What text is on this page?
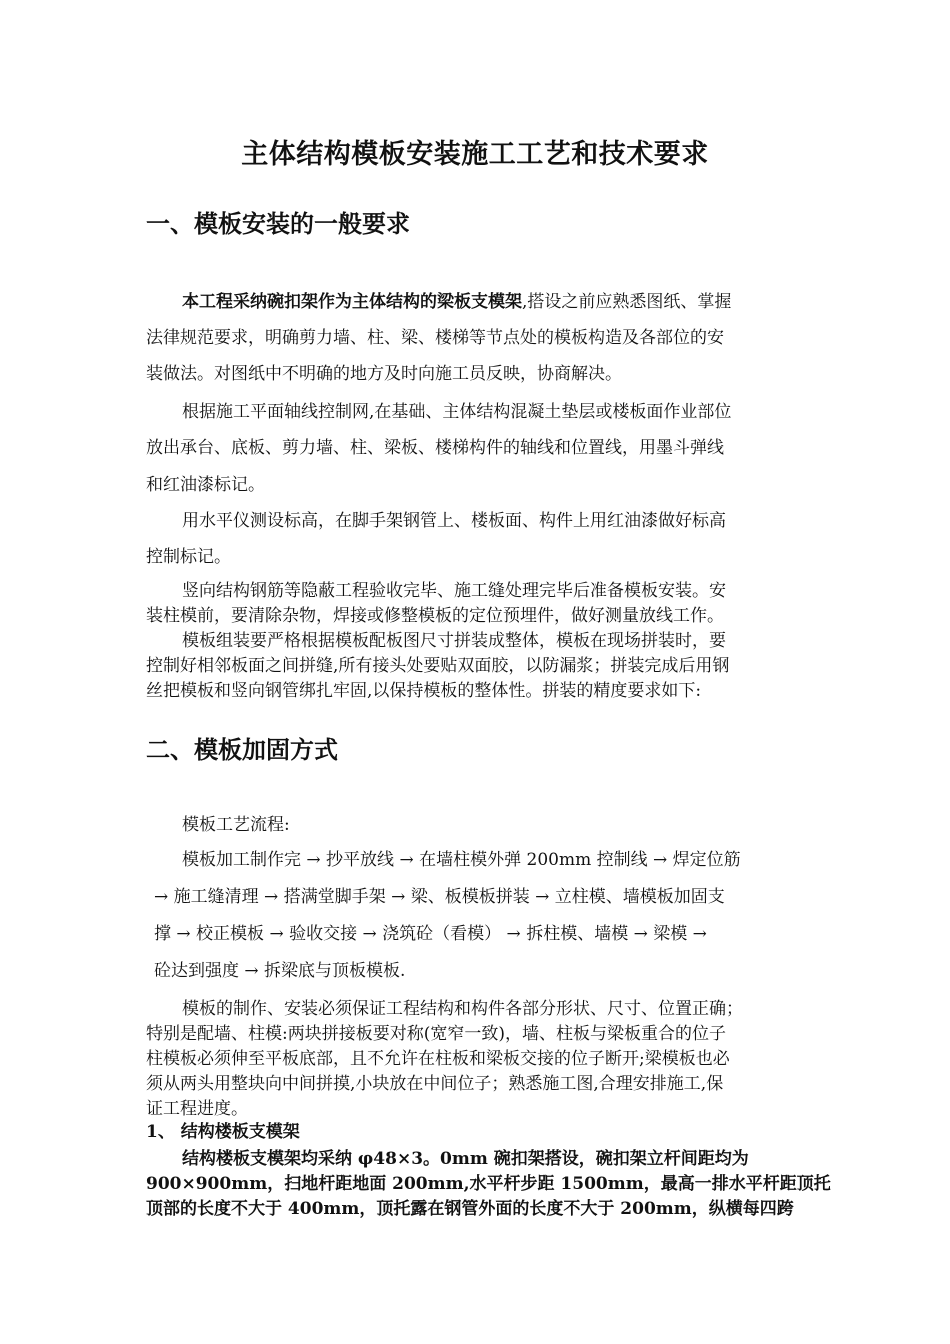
主体结构模板安装施工工艺和技术要求
一、模板安装的一般要求
本工程采纳碗扣架作为主体结构的梁板支模架,搭设之前应熟悉图纸、掌握
法律规范要求，明确剪力墙、柱、梁、楼梯等节点处的模板构造及各部位的安
装做法。对图纸中不明确的地方及时向施工员反映，协商解决。
根据施工平面轴线控制网,在基础、主体结构混凝土垫层或楼板面作业部位
放出承台、底板、剪力墙、柱、梁板、楼梯构件的轴线和位置线，用墨斗弹线
和红油漆标记。
用水平仪测设标高，在脚手架钢管上、楼板面、构件上用红油漆做好标高
控制标记。
竖向结构钢筋等隐蔽工程验收完毕、施工缝处理完毕后准备模板安装。安
装柱模前，要清除杂物，焊接或修整模板的定位预埋件，做好测量放线工作。
模板组装要严格根据模板配板图尺寸拼装成整体，模板在现场拼装时，要
控制好相邻板面之间拼缝,所有接头处要贴双面胶，以防漏浆；拼装完成后用钢
丝把模板和竖向钢管绑扎牢固,以保持模板的整体性。拼装的精度要求如下:
二、模板加固方式
模板工艺流程:
模板加工制作完 → 抄平放线 → 在墙柱模外弹 200mm 控制线 → 焊定位筋
→ 施工缝清理 → 搭满堂脚手架 → 梁、板模板拼装 → 立柱模、墙模板加固支
撑 → 校正模板 → 验收交接 → 浇筑砼（看模） → 拆柱模、墙模 → 梁模 →
砼达到强度 → 拆梁底与顶板模板.
模板的制作、安装必须保证工程结构和构件各部分形状、尺寸、位置正确；
特别是配墙、柱模:两块拼接板要对称(宽窄一致)，墙、柱板与梁板重合的位子
柱模板必须伸至平板底部，且不允许在柱板和梁板交接的位子断开;梁模板也必
须从两头用整块向中间拼摸,小块放在中间位子；熟悉施工图,合理安排施工,保
证工程进度。
1、 结构楼板支模架
结构楼板支模架均采纳 φ48×3。0mm 碗扣架搭设，碗扣架立杆间距均为
900×900mm，扫地杆距地面 200mm,水平杆步距 1500mm，最高一排水平杆距顶托
顶部的长度不大于 400mm，顶托露在钢管外面的长度不大于 200mm，纵横每四跨
